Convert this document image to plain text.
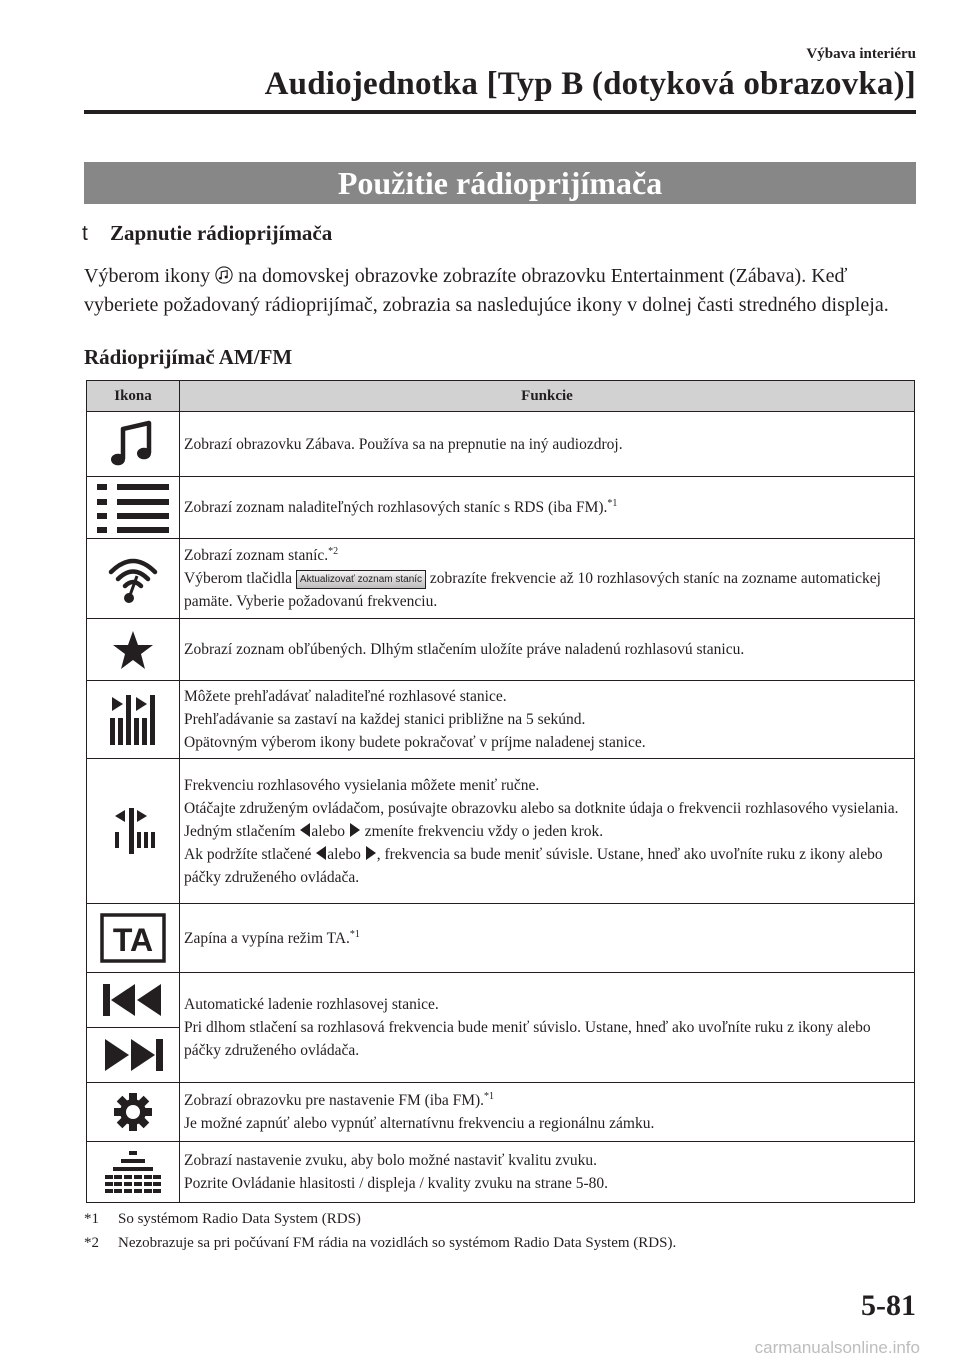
Výbava interiéru
Audiojednotka [Typ B (dotyková obrazovka)]
Použitie rádioprijímača
t Zapnutie rádioprijímača

Výberom ikony na domovskej obrazovke zobrazíte obrazovku Entertainment (Zábava). Keď vyberiete požadovaný rádioprijímač, zobrazia sa nasledujúce ikony v dolnej časti stredného displeja.

Rádioprijímač AM/FM
Ikona	Funkcie

	Zobrazí obrazovku Zábava. Používa sa na prepnutie na iný audiozdroj.

	Zobrazí zoznam naladiteľných rozhlasových staníc s RDS (iba FM).$^{*1}$

	Zobrazí zoznam staníc.$^{*2}$
Výberom tlačidla Aktualizovať zoznam staníc zobrazíte frekvencie až 10 rozhlasových staníc na zozname automatickej pamäte. Vyberie požadovanú frekvenciu.

	Zobrazí zoznam obľúbených. Dlhým stlačením uložíte práve naladenú rozhlasovú stanicu.

	Môžete prehľadávať naladiteľné rozhlasové stanice.
Prehľadávanie sa zastaví na každej stanici približne na 5 sekúnd.
Opätovným výberom ikony budete pokračovať v príjme naladenej stanice.

	Frekvenciu rozhlasového vysielania môžete meniť ručne.
Otáčajte združeným ovládačom, posúvajte obrazovku alebo sa dotknite údaja o frekvencii rozhlasového vysielania.
Jedným stlačením alebo zmeníte frekvenciu vždy o jeden krok.
Ak podržíte stlačené alebo , frekvencia sa bude meniť súvisle. Ustane, hneď ako uvoľníte ruku z ikony alebo páčky združeného ovládača.

TA	Zapína a vypína režim TA.$^{*1}$

	Automatické ladenie rozhlasovej stanice.
Pri dlhom stlačení sa rozhlasová frekvencia bude meniť súvislo. Ustane, hneď ako uvoľníte ruku z ikony alebo páčky združeného ovládača.

	Zobrazí obrazovku pre nastavenie FM (iba FM).$^{*1}$
Je možné zapnúť alebo vypnúť alternatívnu frekvenciu a regionálnu zámku.

	Zobrazí nastavenie zvuku, aby bolo možné nastaviť kvalitu zvuku.
Pozrite Ovládanie hlasitosti / displeja / kvality zvuku na strane 5-80.
*1 So systémom Radio Data System (RDS)
*2 Nezobrazuje sa pri počúvaní FM rádia na vozidlách so systémom Radio Data System (RDS).
5-81
carmanualsonline.info
